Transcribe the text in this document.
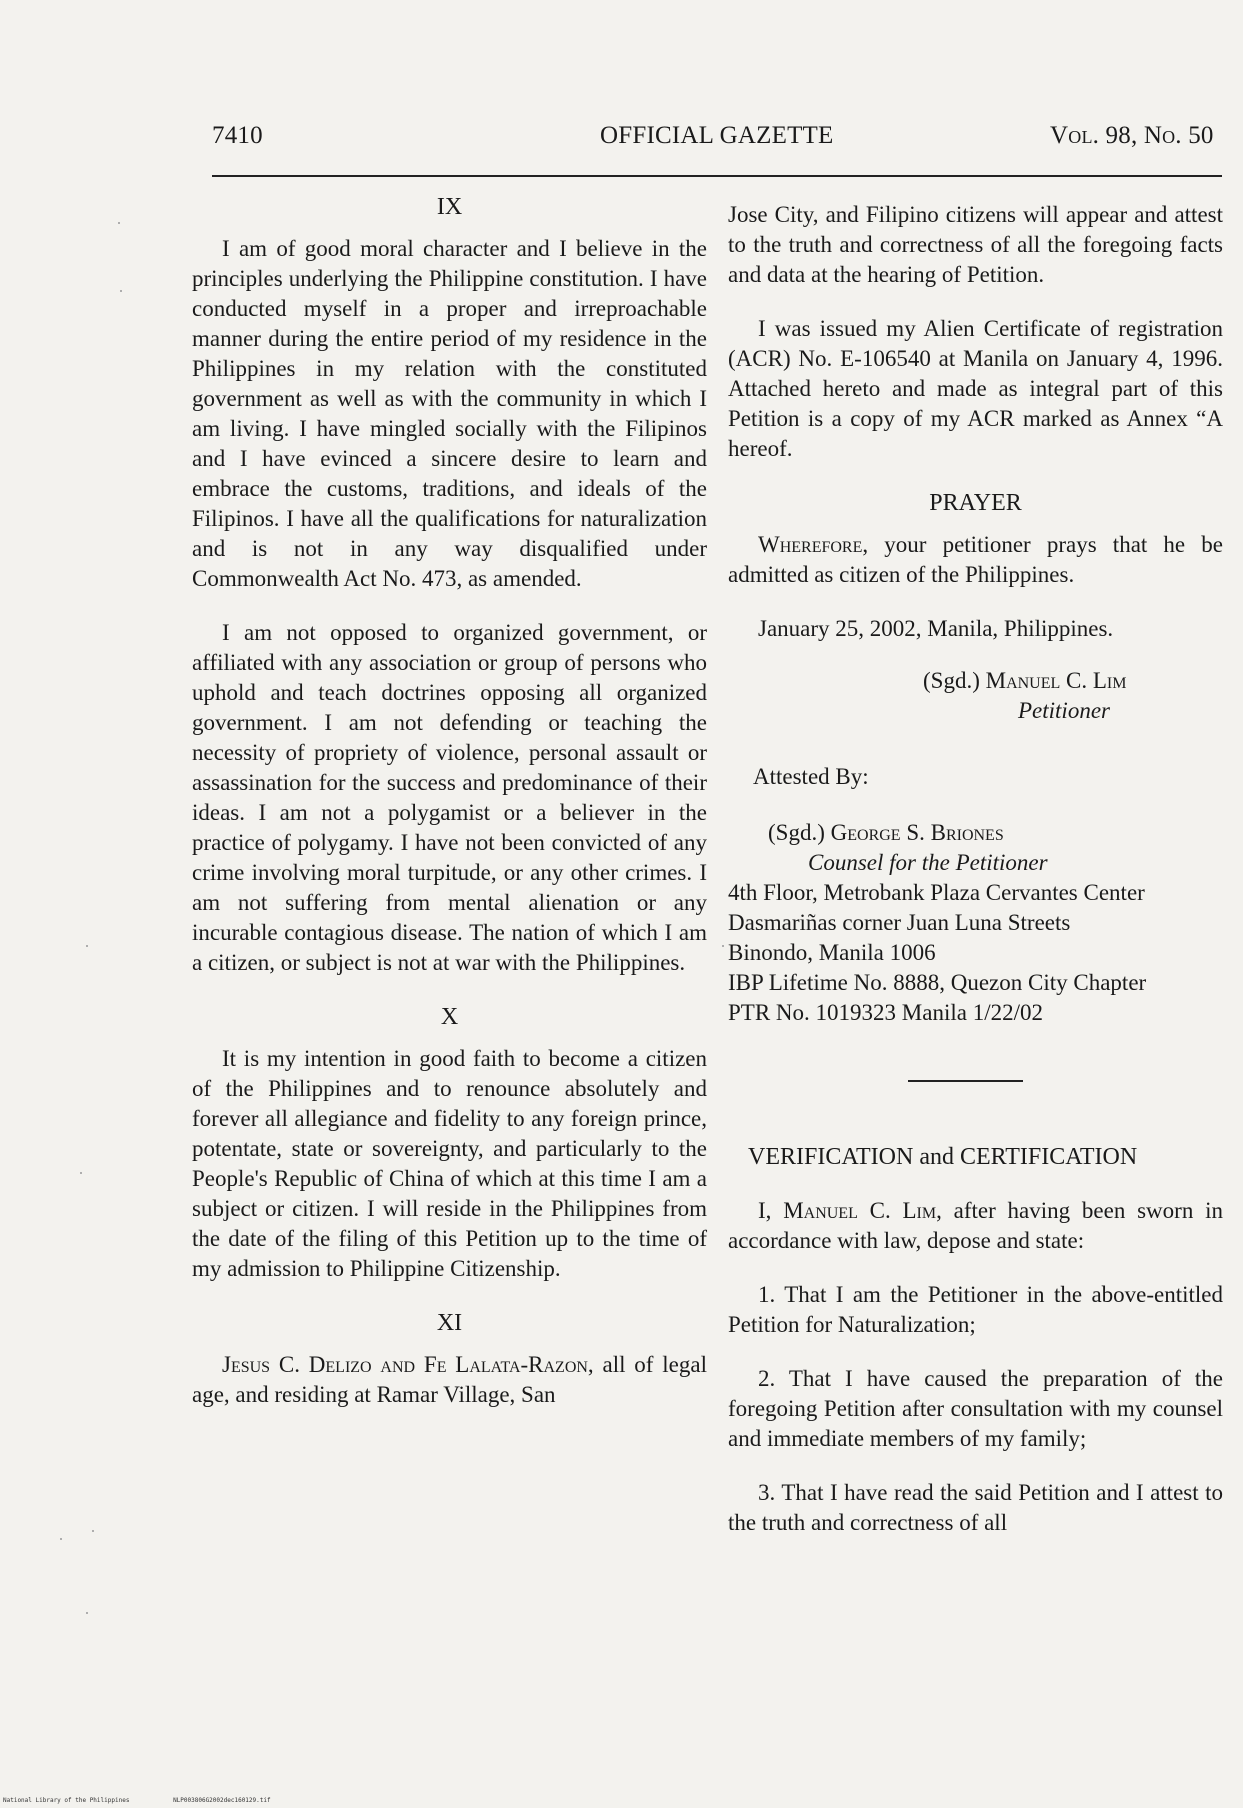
7410	OFFICIAL GAZETTE	Vol. 98, No. 50

IX

I am of good moral character and I believe in the principles underlying the Philippine constitution. I have conducted myself in a proper and irreproachable manner during the entire period of my residence in the Philippines in my relation with the constituted government as well as with the community in which I am living. I have mingled socially with the Filipinos and I have evinced a sincere desire to learn and embrace the customs, traditions, and ideals of the Filipinos. I have all the qualifications for naturalization and is not in any way disqualified under Commonwealth Act No. 473, as amended.

I am not opposed to organized government, or affiliated with any association or group of persons who uphold and teach doctrines opposing all organized government. I am not defending or teaching the necessity of propriety of violence, personal assault or assassination for the success and predominance of their ideas. I am not a polygamist or a believer in the practice of polygamy. I have not been convicted of any crime involving moral turpitude, or any other crimes. I am not suffering from mental alienation or any incurable contagious disease. The nation of which I am a citizen, or subject is not at war with the Philippines.

X

It is my intention in good faith to become a citizen of the Philippines and to renounce absolutely and forever all allegiance and fidelity to any foreign prince, potentate, state or sovereignty, and particularly to the People's Republic of China of which at this time I am a subject or citizen. I will reside in the Philippines from the date of the filing of this Petition up to the time of my admission to Philippine Citizenship.

XI

Jesus C. Delizo and Fe Lalata-Razon, all of legal age, and residing at Ramar Village, San

Jose City, and Filipino citizens will appear and attest to the truth and correctness of all the foregoing facts and data at the hearing of Petition.

I was issued my Alien Certificate of registration (ACR) No. E-106540 at Manila on January 4, 1996. Attached hereto and made as integral part of this Petition is a copy of my ACR marked as Annex “A hereof.

PRAYER

Wherefore, your petitioner prays that he be admitted as citizen of the Philippines.

January 25, 2002, Manila, Philippines.

(Sgd.) Manuel C. Lim

Petitioner

Attested By:

(Sgd.) George S. Briones

Counsel for the Petitioner

4th Floor, Metrobank Plaza Cervantes Center

Dasmariñas corner Juan Luna Streets

Binondo, Manila 1006

IBP Lifetime No. 8888, Quezon City Chapter

PTR No. 1019323 Manila 1/22/02

VERIFICATION and CERTIFICATION

I, Manuel C. Lim, after having been sworn in accordance with law, depose and state:

1. That I am the Petitioner in the above-entitled Petition for Naturalization;

2. That I have caused the preparation of the foregoing Petition after consultation with my counsel and immediate members of my family;

3. That I have read the said Petition and I attest to the truth and correctness of all

National Library of the Philippines	NLP003806G2002dec160129.tif
